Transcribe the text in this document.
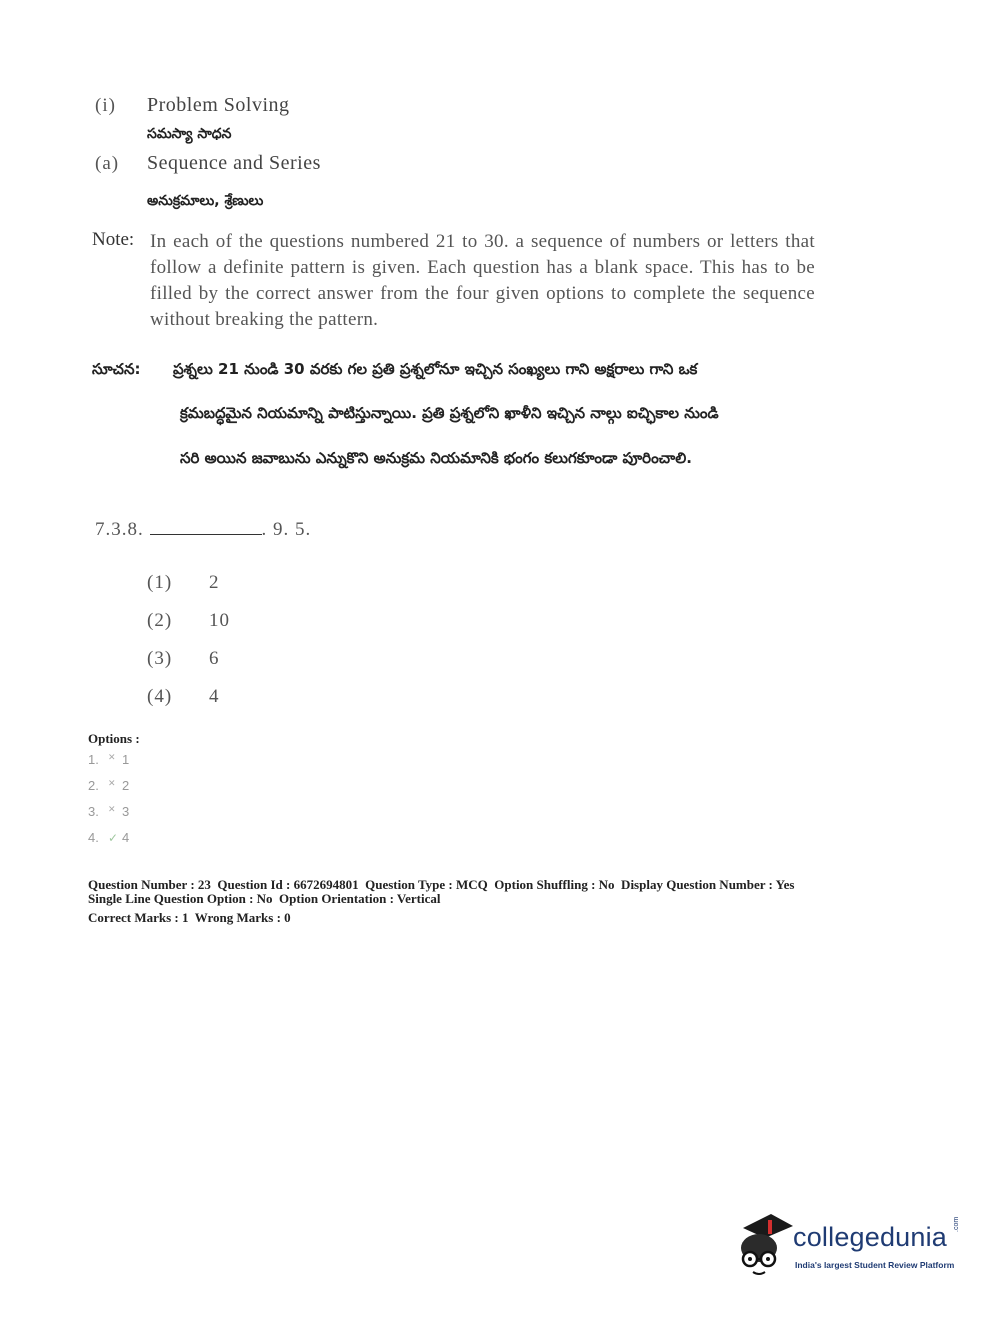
(i) Problem Solving
సమస్యా సాధన
(a) Sequence and Series
అనుక్రమాలు, శ్రేణులు
Note: In each of the questions numbered 21 to 30. a sequence of numbers or letters that follow a definite pattern is given. Each question has a blank space. This has to be filled by the correct answer from the four given options to complete the sequence without breaking the pattern.
సూచన: ప్రశ్నలు 21 నుండి 30 వరకు గల ప్రతి ప్రశ్నలోనూ ఇచ్చిన సంఖ్యలు గాని అక్షరాలు గాని ఒక
క్రమబద్ధమైన నియమాన్ని పాటిస్తున్నాయి. ప్రతి ప్రశ్నలోని ఖాళీని ఇచ్చిన నాల్గు ఐచ్ఛికాల నుండి
సరి అయిన జవాబును ఎన్నుకొని అనుక్రమ నియమానికి భంగం కలుగకూండా పూరించాలి.
7.3.8.	. 9. 5.
(1) 2
(2) 10
(3) 6
(4) 4
Options :
1. ✕ 1
2. ✕ 2
3. ✕ 3
4. ✓ 4
Question Number : 23  Question Id : 6672694801  Question Type : MCQ  Option Shuffling : No  Display Question Number : Yes
Single Line Question Option : No  Option Orientation : Vertical
Correct Marks : 1  Wrong Marks : 0
collegedunia .com
India's largest Student Review Platform
